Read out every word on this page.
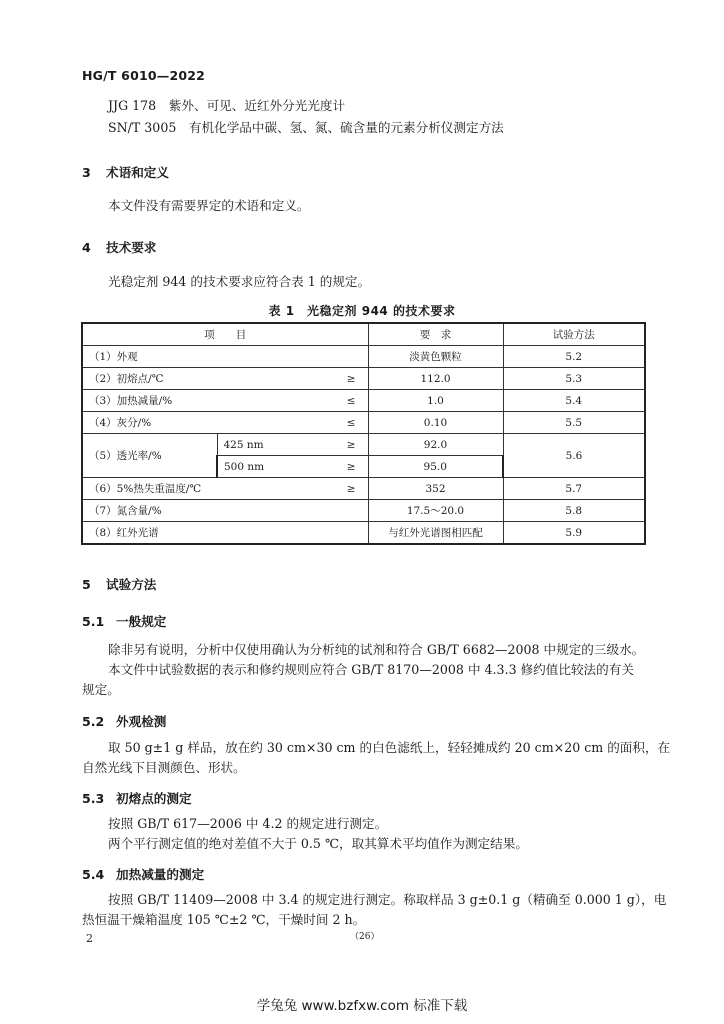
HG/T 6010—2022
JJG 178　紫外、可见、近红外分光光度计
SN/T 3005　有机化学品中碳、氢、氮、硫含量的元素分析仪测定方法
3 术语和定义
本文件没有需要界定的术语和定义。
4 技术要求
光稳定剂 944 的技术要求应符合表 1 的规定。
表 1　光稳定剂 944 的技术要求
项　　目		要　求	试验方法
（1）外观		淡黄色颗粒	5.2
（2）初熔点/℃ ≥		112.0	5.3
（3）加热减量/% ≤		1.0	5.4
（4）灰分/% ≤		0.10	5.5
（5）透光率/%	425 nm ≥	92.0	5.6
	500 nm ≥	95.0	
（6）5%热失重温度/℃ ≥		352	5.7
（7）氮含量/%		17.5～20.0	5.8
（8）红外光谱		与红外光谱图相匹配	5.9
5 试验方法
5.1 一般规定
除非另有说明，分析中仅使用确认为分析纯的试剂和符合 GB/T 6682—2008 中规定的三级水。
本文件中试验数据的表示和修约规则应符合 GB/T 8170—2008 中 4.3.3 修约值比较法的有关
规定。
5.2 外观检测
取 50 g±1 g 样品，放在约 30 cm×30 cm 的白色滤纸上，轻轻摊成约 20 cm×20 cm 的面积，在
自然光线下目测颜色、形状。
5.3 初熔点的测定
按照 GB/T 617—2006 中 4.2 的规定进行测定。
两个平行测定值的绝对差值不大于 0.5 ℃，取其算术平均值作为测定结果。
5.4 加热减量的测定
按照 GB/T 11409—2008 中 3.4 的规定进行测定。称取样品 3 g±0.1 g（精确至 0.000 1 g），电
热恒温干燥箱温度 105 ℃±2 ℃，干燥时间 2 h。
2	（26）
学兔兔 www.bzfxw.com 标准下载
